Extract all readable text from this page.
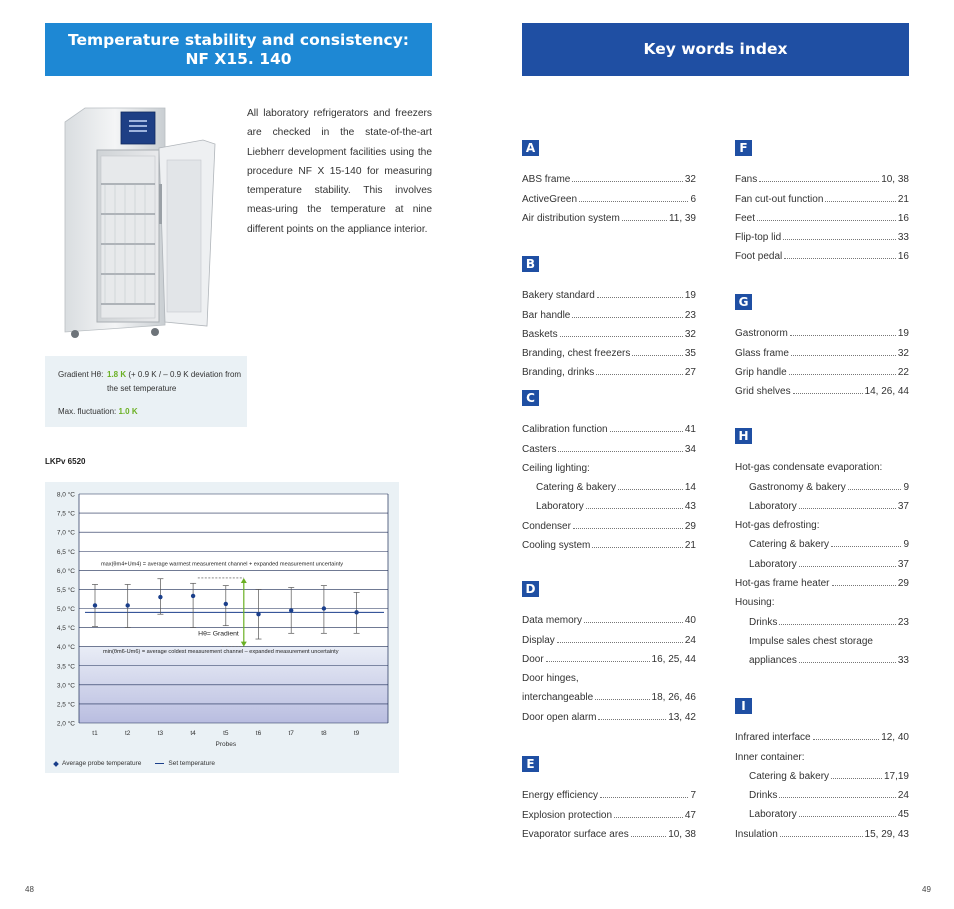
Temperature stability and consistency:
NF X15. 140

All laboratory refrigerators and freezers are checked in the state-of-the-art Liebherr development facilities using the procedure NF X 15-140 for measuring temperature stability. This involves meas-uring the temperature at nine different points on the appliance interior.

Gradient Hθ: 1.8 K (+ 0.9 K / – 0.9 K deviation from the set temperature
Max. fluctuation: 1.0 K
LKPv 6520
2,0 °C
2,5 °C
3,0 °C
3,5 °C
4,0 °C
4,5 °C
5,0 °C
5,5 °C
6,0 °C
6,5 °C
7,0 °C
7,5 °C
8,0 °C
max(θm4+Um4) = average warmest measurement channel + expanded measurement uncertainty
min(θm6-Um6) = average coldest measurement channel – expanded measurement uncertainty
Hθ= Gradient
t1	t2	t3	t4	t5	t6	t7	t8	t9
Probes
Average probe temperature	Set temperature
48
Key words index
A
ABS frame	32
ActiveGreen	6
Air distribution system	11, 39
B
Bakery standard	19
Bar handle	23
Baskets	32
Branding, chest freezers	35
Branding, drinks	27
C
Calibration function	41
Casters	34
Ceiling lighting:
Catering & bakery	14
Laboratory	43
Condenser	29
Cooling system	21
D
Data memory	40
Display	24
Door	16, 25, 44
Door hinges,
interchangeable	18, 26, 46
Door open alarm	13, 42
E
Energy efficiency	7
Explosion protection	47
Evaporator surface ares	10, 38
F
Fans	10, 38
Fan cut-out function	21
Feet	16
Flip-top lid	33
Foot pedal	16
G
Gastronorm	19
Glass frame	32
Grip handle	22
Grid shelves	14, 26, 44
H
Hot-gas condensate evaporation:
Gastronomy & bakery	9
Laboratory	37
Hot-gas defrosting:
Catering & bakery	9
Laboratory	37
Hot-gas frame heater	29
Housing:
Drinks	23
Impulse sales chest storage
appliances	33
I
Infrared interface	12, 40
Inner container:
Catering & bakery	17,19
Drinks	24
Laboratory	45
Insulation	15, 29, 43
49
